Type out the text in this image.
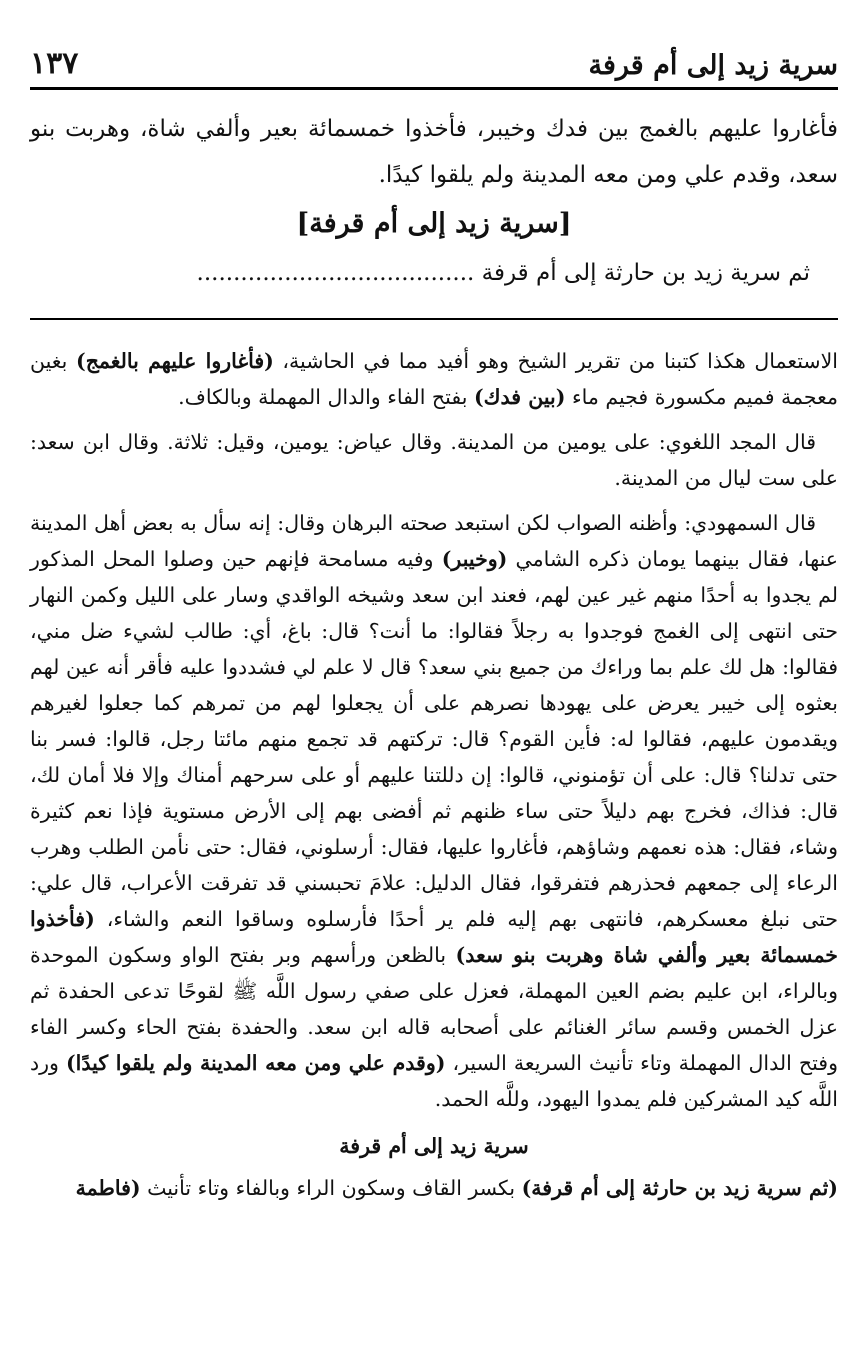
سرية زيد إلى أم قرفة
١٣٧

فأغاروا عليهم بالغمج بين فدك وخيبر، فأخذوا خمسمائة بعير وألفي شاة، وهربت بنو سعد، وقدم علي ومن معه المدينة ولم يلقوا كيدًا.

[سرية زيد إلى أم قرفة]

ثم سرية زيد بن حارثة إلى أم قرفة ......................................

الاستعمال هكذا كتبنا من تقرير الشيخ وهو أفيد مما في الحاشية، (فأغاروا عليهم بالغمج) بغين معجمة فميم مكسورة فجيم ماء (بين فدك) بفتح الفاء والدال المهملة وبالكاف.

قال المجد اللغوي: على يومين من المدينة. وقال عياض: يومين، وقيل: ثلاثة. وقال ابن سعد: على ست ليال من المدينة.

قال السمهودي: وأظنه الصواب لكن استبعد صحته البرهان وقال: إنه سأل به بعض أهل المدينة عنها، فقال بينهما يومان ذكره الشامي (وخيبر) وفيه مسامحة فإنهم حين وصلوا المحل المذكور لم يجدوا به أحدًا منهم غير عين لهم، فعند ابن سعد وشيخه الواقدي وسار على الليل وكمن النهار حتى انتهى إلى الغمج فوجدوا به رجلاً فقالوا: ما أنت؟ قال: باغ، أي: طالب لشيء ضل مني، فقالوا: هل لك علم بما وراءك من جميع بني سعد؟ قال لا علم لي فشددوا عليه فأقر أنه عين لهم بعثوه إلى خيبر يعرض على يهودها نصرهم على أن يجعلوا لهم من تمرهم كما جعلوا لغيرهم ويقدمون عليهم، فقالوا له: فأين القوم؟ قال: تركتهم قد تجمع منهم مائتا رجل، قالوا: فسر بنا حتى تدلنا؟ قال: على أن تؤمنوني، قالوا: إن دللتنا عليهم أو على سرحهم أمناك وإلا فلا أمان لك، قال: فذاك، فخرج بهم دليلاً حتى ساء ظنهم ثم أفضى بهم إلى الأرض مستوية فإذا نعم كثيرة وشاء، فقال: هذه نعمهم وشاؤهم، فأغاروا عليها، فقال: أرسلوني، فقال: حتى نأمن الطلب وهرب الرعاء إلى جمعهم فحذرهم فتفرقوا، فقال الدليل: علامَ تحبسني قد تفرقت الأعراب، قال علي: حتى نبلغ معسكرهم، فانتهى بهم إليه فلم ير أحدًا فأرسلوه وساقوا النعم والشاء، (فأخذوا خمسمائة بعير وألفي شاة وهربت بنو سعد) بالظعن ورأسهم وبر بفتح الواو وسكون الموحدة وبالراء، ابن عليم بضم العين المهملة، فعزل على صفي رسول اللَّه ﷺ لقوحًا تدعى الحفدة ثم عزل الخمس وقسم سائر الغنائم على أصحابه قاله ابن سعد. والحفدة بفتح الحاء وكسر الفاء وفتح الدال المهملة وتاء تأنيث السريعة السير، (وقدم علي ومن معه المدينة ولم يلقوا كيدًا) ورد اللَّه كيد المشركين فلم يمدوا اليهود، وللَّه الحمد.

سرية زيد إلى أم قرفة

(ثم سرية زيد بن حارثة إلى أم قرفة) بكسر القاف وسكون الراء وبالفاء وتاء تأنيث (فاطمة
